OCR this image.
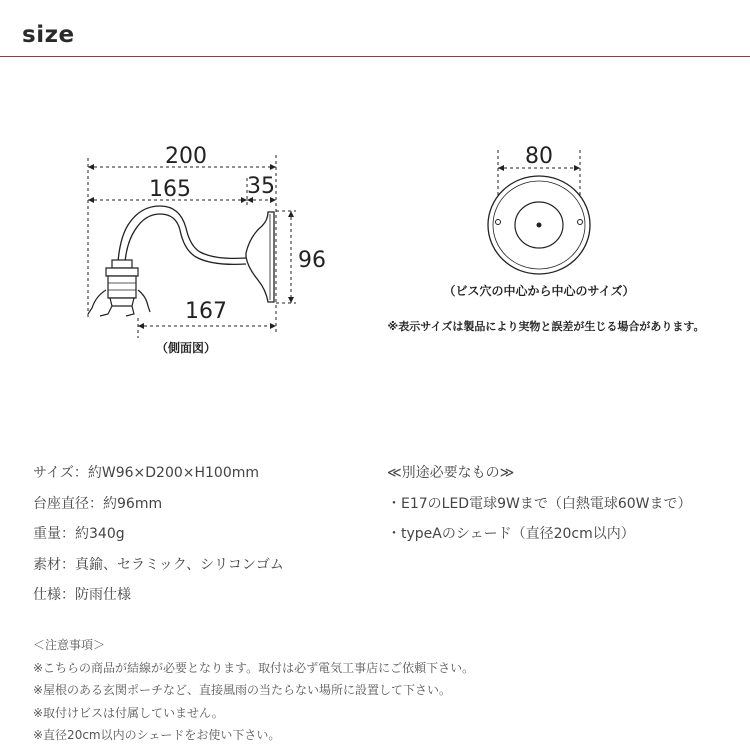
size
200
165	35
96
167
（側面図）
80
（ビス穴の中心から中心のサイズ）
※表示サイズは製品により実物と誤差が生じる場合があります。
サイズ：約W96×D200×H100mm
台座直径：約96mm
重量：約340g
素材：真鍮、セラミック、シリコンゴム
仕様：防雨仕様
≪別途必要なもの≫
・E17のLED電球9Wまで（白熱電球60Wまで）
・typeAのシェード（直径20cm以内）
＜注意事項＞
※こちらの商品が結線が必要となります。取付は必ず電気工事店にご依頼下さい。
※屋根のある玄関ポーチなど、直接風雨の当たらない場所に設置して下さい。
※取付けビスは付属していません。
※直径20cm以内のシェードをお使い下さい。
